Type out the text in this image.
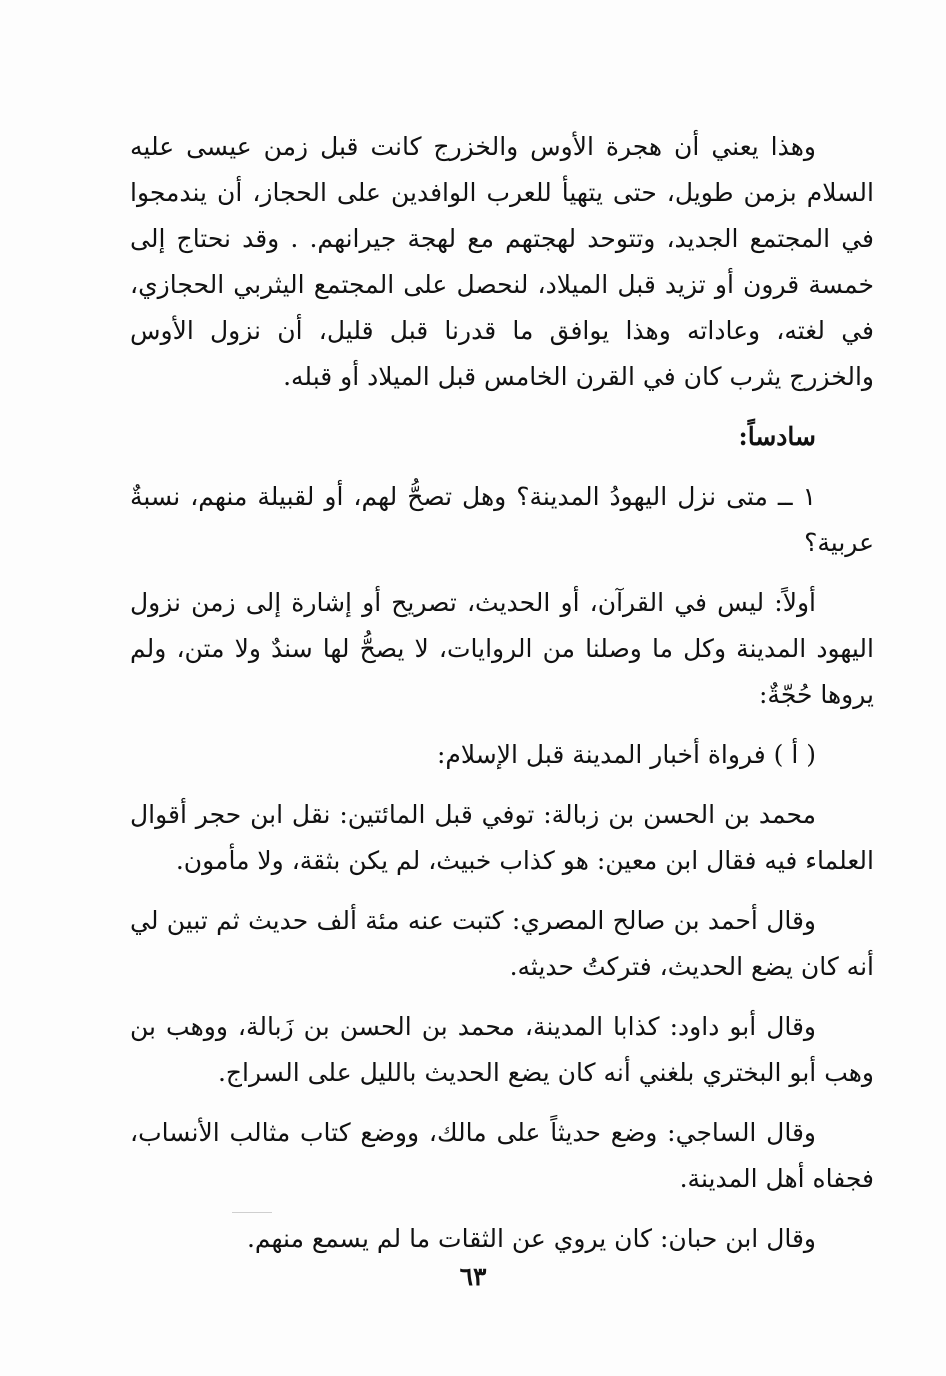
وهذا يعني أن هجرة الأوس والخزرج كانت قبل زمن عيسى عليه السلام بزمن طويل، حتى يتهيأ للعرب الوافدين على الحجاز، أن يندمجوا في المجتمع الجديد، وتتوحد لهجتهم مع لهجة جيرانهم. . وقد نحتاج إلى خمسة قرون أو تزيد قبل الميلاد، لنحصل على المجتمع اليثربي الحجازي، في لغته، وعاداته وهذا يوافق ما قدرنا قبل قليل، أن نزول الأوس والخزرج يثرب كان في القرن الخامس قبل الميلاد أو قبله.

سادساً:

١ ــ متى نزل اليهودُ المدينة؟ وهل تصحُّ لهم، أو لقبيلة منهم، نسبةٌ عربية؟

أولاً: ليس في القرآن، أو الحديث، تصريح أو إشارة إلى زمن نزول اليهود المدينة وكل ما وصلنا من الروايات، لا يصحُّ لها سندٌ ولا متن، ولم يروها حُجّةٌ:

( أ ) فرواة أخبار المدينة قبل الإسلام:

محمد بن الحسن بن زبالة: توفي قبل المائتين: نقل ابن حجر أقوال العلماء فيه فقال ابن معين: هو كذاب خبيث، لم يكن بثقة، ولا مأمون.

وقال أحمد بن صالح المصري: كتبت عنه مئة ألف حديث ثم تبين لي أنه كان يضع الحديث، فتركتُ حديثه.

وقال أبو داود: كذابا المدينة، محمد بن الحسن بن زَبالة، ووهب بن وهب أبو البختري بلغني أنه كان يضع الحديث بالليل على السراج.

وقال الساجي: وضع حديثاً على مالك، ووضع كتاب مثالب الأنساب، فجفاه أهل المدينة.

وقال ابن حبان: كان يروي عن الثقات ما لم يسمع منهم.

٦٣
